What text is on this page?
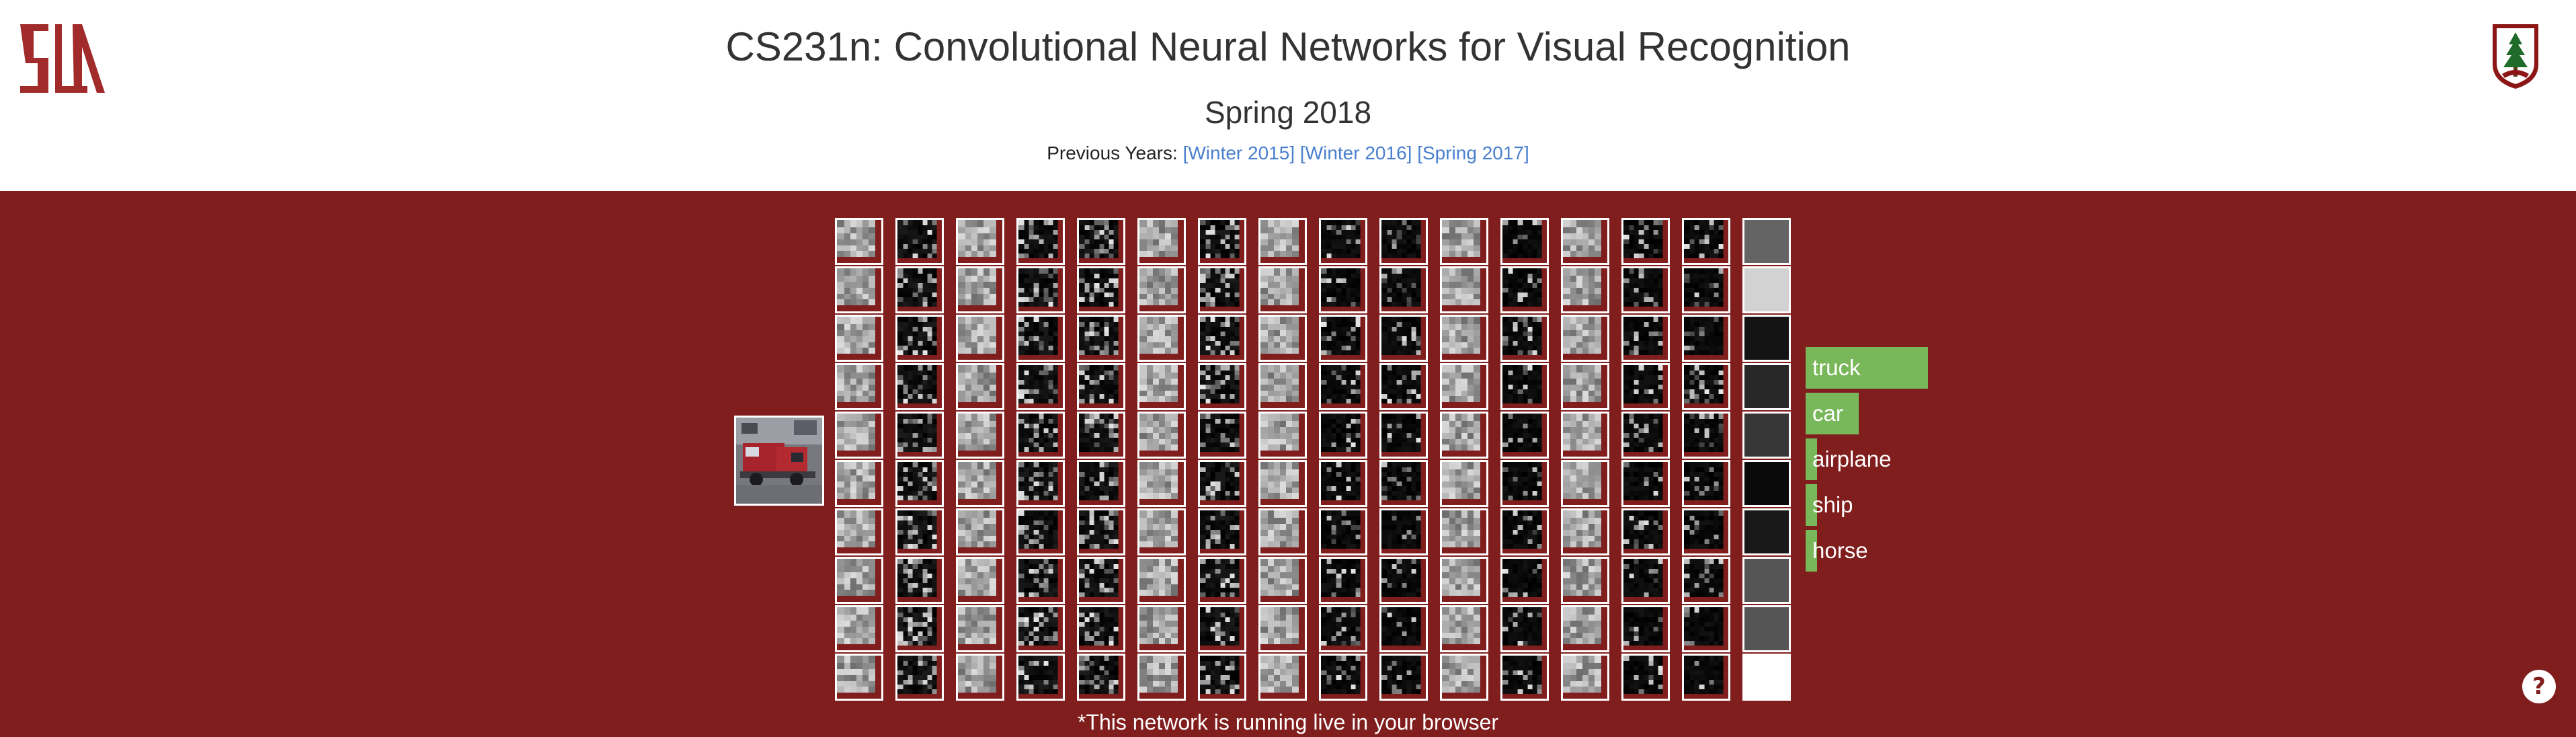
CS231n: Convolutional Neural Networks for Visual Recognition
Spring 2018
Previous Years: [Winter 2015] [Winter 2016] [Spring 2017]
truck
car
airplane
ship
horse
*This network is running live in your browser
?
